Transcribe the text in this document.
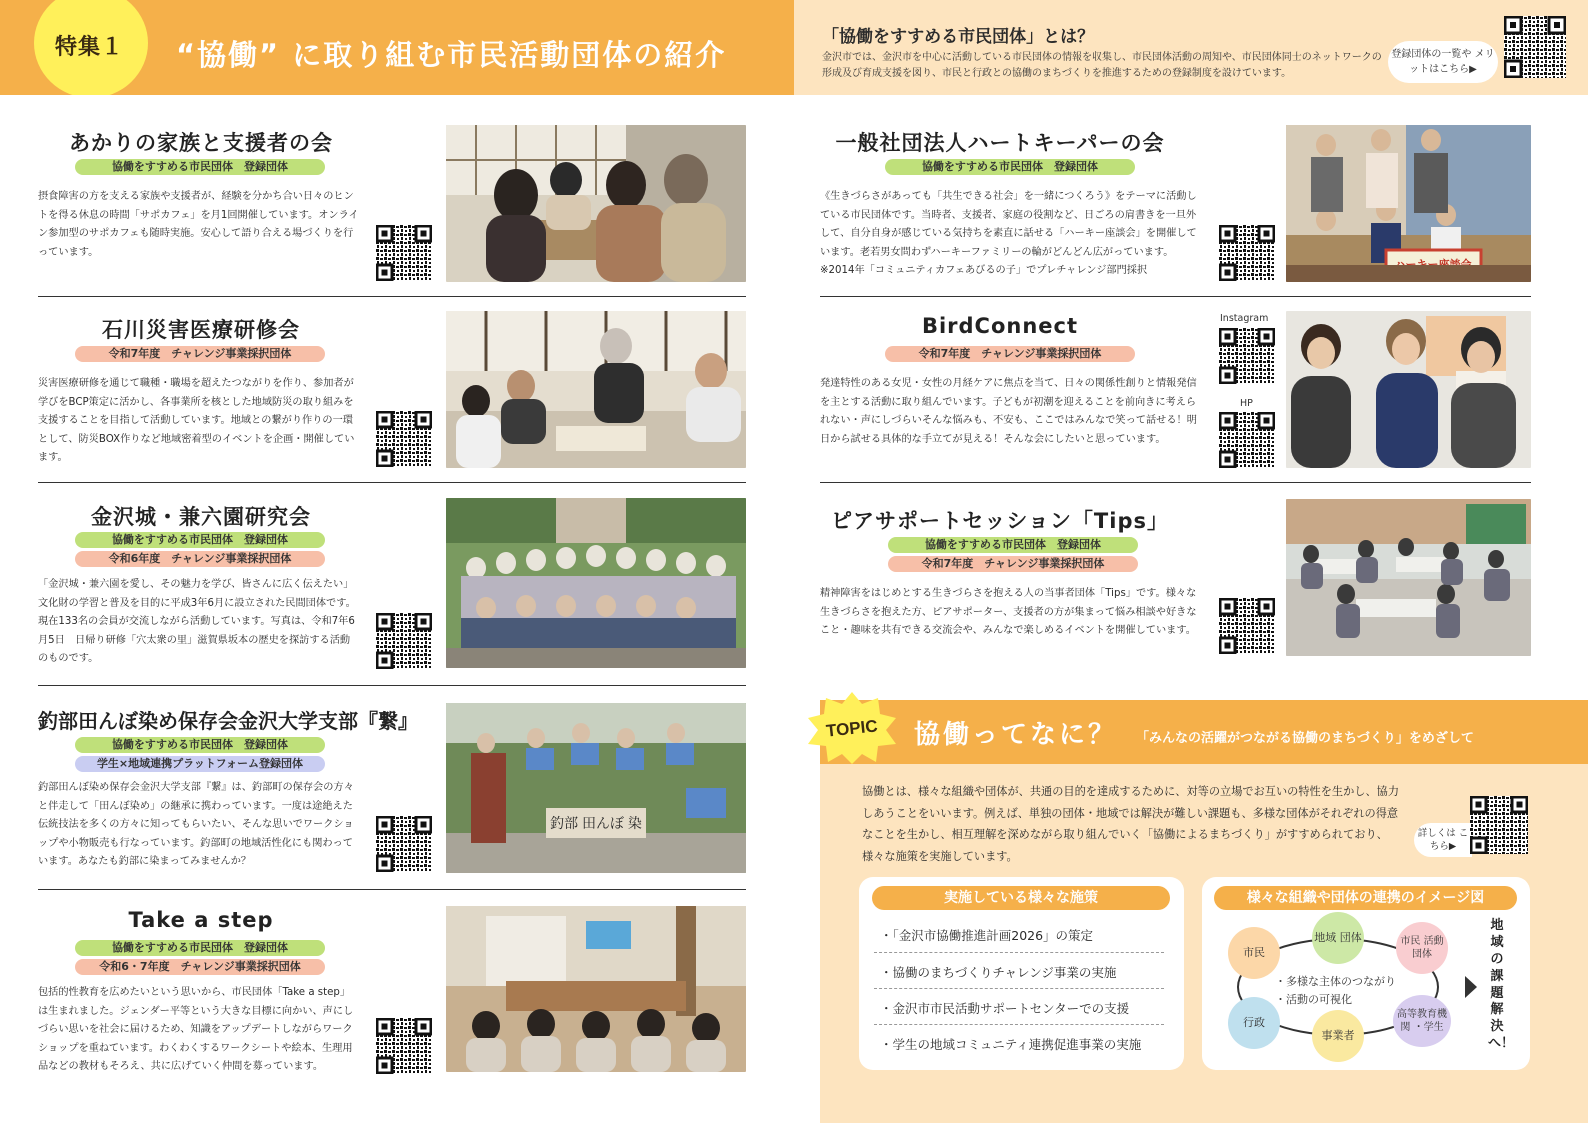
特集１ “協働” に取り組む市民活動団体の紹介
「協働をすすめる市民団体」とは？
金沢市では、金沢市を中心に活動している市民団体の情報を収集し、市民団体活動の周知や、市民団体同士のネットワークの形成及び育成支援を図り、市民と行政との協働のまちづくりを推進するための登録制度を設けています。
登録団体の一覧や メリットはこちら▶
あかりの家族と支援者の会
協働をすすめる市民団体　登録団体
摂食障害の方を支える家族や支援者が、経験を分かち合い日々のヒントを得る休息の時間「サポカフェ」を月1回開催しています。オンライン参加型のサポカフェも随時実施。安心して語り合える場づくりを行っています。
石川災害医療研修会
令和7年度　チャレンジ事業採択団体
災害医療研修を通じて職種・職場を超えたつながりを作り、参加者が学びをBCP策定に活かし、各事業所を核とした地域防災の取り組みを支援することを目指して活動しています。地域との繋がり作りの一環として、防災BOX作りなど地域密着型のイベントを企画・開催しています。
金沢城・兼六園研究会
協働をすすめる市民団体　登録団体
令和6年度　チャレンジ事業採択団体
「金沢城・兼六園を愛し、その魅力を学び、皆さんに広く伝えたい」文化財の学習と普及を目的に平成3年6月に設立された民間団体です。現在133名の会員が交流しながら活動しています。写真は、令和7年6月5日　日帰り研修「穴太衆の里」滋賀県坂本の歴史を探訪する活動のものです。
釣部田んぼ染め保存会金沢大学支部『繋』
協働をすすめる市民団体　登録団体
学生×地域連携プラットフォーム登録団体
釣部田んぼ染め保存会金沢大学支部『繋』は、釣部町の保存会の方々と伴走して「田んぼ染め」の継承に携わっています。一度は途絶えた伝統技法を多くの方々に知ってもらいたい、そんな思いでワークショップや小物販売も行なっています。釣部町の地域活性化にも関わっています。あなたも釣部に染まってみませんか？
釣部 田んぼ 染
Take a step
協働をすすめる市民団体　登録団体
令和6・7年度　チャレンジ事業採択団体
包括的性教育を広めたいという思いから、市民団体「Take a step」は生まれました。ジェンダー平等という大きな目標に向かい、声にしづらい思いを社会に届けるため、知識をアップデートしながらワークショップを重ねています。わくわくするワークシートや絵本、生理用品などの教材もそろえ、共に広げていく仲間を募っています。
一般社団法人ハートキーパーの会
協働をすすめる市民団体　登録団体
《生きづらさがあっても「共生できる社会」を一緒につくろう》をテーマに活動している市民団体です。当時者、支援者、家庭の役割など、日ごろの肩書きを一旦外して、自分自身が感じている気持ちを素直に話せる「ハーキー座談会」を開催しています。老若男女問わずハーキーファミリーの輪がどんどん広がっています。※2014年「コミュニティカフェあびるの子」でプレチャレンジ部門採択
BirdConnect
令和7年度　チャレンジ事業採択団体
発達特性のある女児・女性の月経ケアに焦点を当て、日々の関係性創りと情報発信を主とする活動に取り組んでいます。子どもが初潮を迎えることを前向きに考えられない・声にしづらいそんな悩みも、不安も、ここではみんなで笑って話せる！明日から試せる具体的な手立てが見える！そんな会にしたいと思っています。
Instagram
HP
ピアサポートセッション「Tips」
協働をすすめる市民団体　登録団体
令和7年度　チャレンジ事業採択団体
精神障害をはじめとする生きづらさを抱える人の当事者団体「Tips」です。様々な生きづらさを抱えた方、ピアサポーター、支援者の方が集まって悩み相談や好きなこと・趣味を共有できる交流会や、みんなで楽しめるイベントを開催しています。
TOPIC 協働ってなに？ 「みんなの活躍がつながる協働のまちづくり」をめざして
協働とは、様々な組織や団体が、共通の目的を達成するために、対等の立場でお互いの特性を生かし、協力しあうことをいいます。例えば、単独の団体・地域では解決が難しい課題も、多様な団体がそれぞれの得意なことを生かし、相互理解を深めながら取り組んでいく「協働によるまちづくり」がすすめられており、様々な施策を実施しています。
詳しくは こちら▶
実施している様々な施策
・「金沢市協働推進計画2026」の策定
・協働のまちづくりチャレンジ事業の実施
・金沢市市民活動サポートセンターでの支援
・学生の地域コミュニティ連携促進事業の実施
様々な組織や団体の連携のイメージ図
市民
地域 団体	市民 活動団体
行政
事業者
高等教育機関 ・学生
・多様な主体のつながり
・活動の可視化
地域の課題解決へ！
